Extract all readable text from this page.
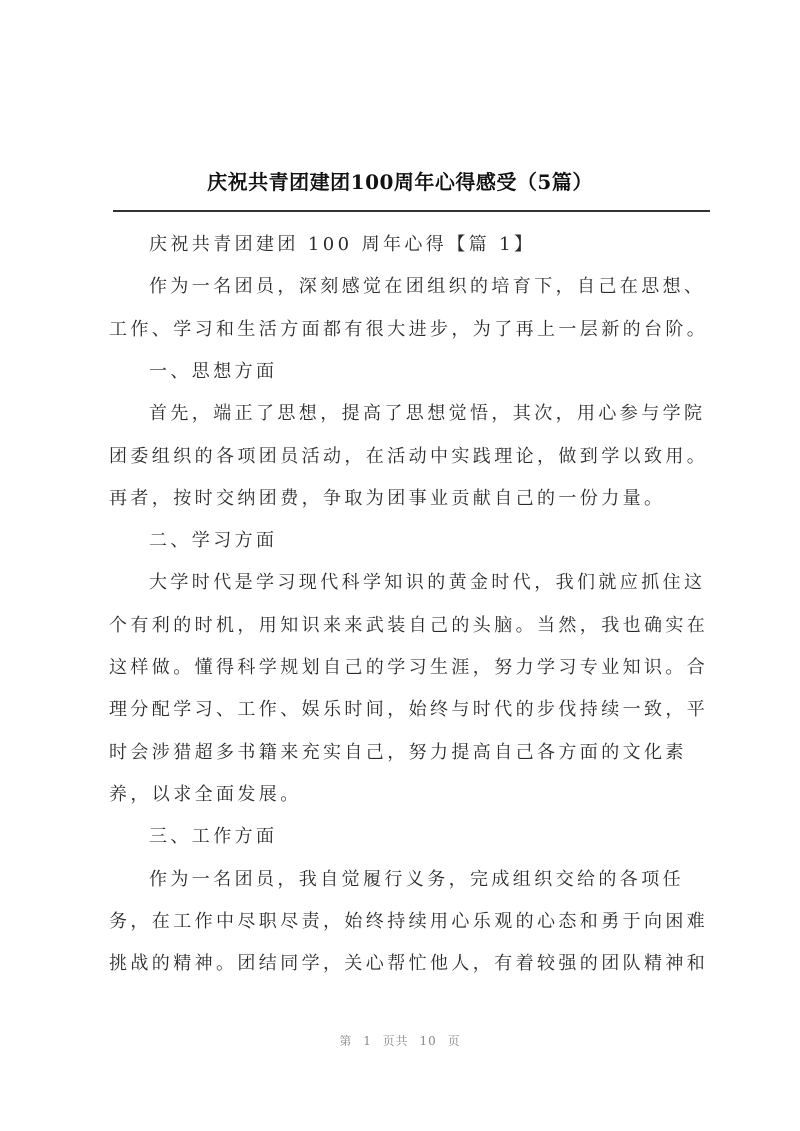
庆祝共青团建团100周年心得感受（5篇）
庆祝共青团建团 100 周年心得【篇 1】
作为一名团员，深刻感觉在团组织的培育下，自己在思想、
工作、学习和生活方面都有很大进步，为了再上一层新的台阶。
一、思想方面
首先，端正了思想，提高了思想觉悟，其次，用心参与学院
团委组织的各项团员活动，在活动中实践理论，做到学以致用。
再者，按时交纳团费，争取为团事业贡献自己的一份力量。
二、学习方面
大学时代是学习现代科学知识的黄金时代，我们就应抓住这
个有利的时机，用知识来来武装自己的头脑。当然，我也确实在
这样做。懂得科学规划自己的学习生涯，努力学习专业知识。合
理分配学习、工作、娱乐时间，始终与时代的步伐持续一致，平
时会涉猎超多书籍来充实自己，努力提高自己各方面的文化素
养，以求全面发展。
三、工作方面
作为一名团员，我自觉履行义务，完成组织交给的各项任
务，在工作中尽职尽责，始终持续用心乐观的心态和勇于向困难
挑战的精神。团结同学，关心帮忙他人，有着较强的团队精神和
第 1 页共 10 页
